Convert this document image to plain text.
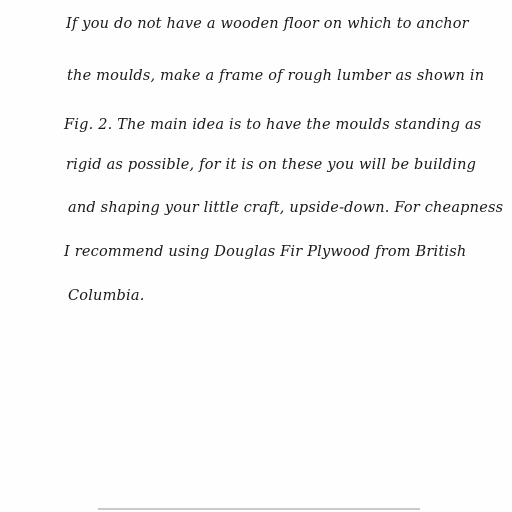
If you do not have a wooden floor on which to anchor
the moulds, make a frame of rough lumber as shown in
Fig. 2. The main idea is to have the moulds standing as
rigid as possible, for it is on these you will be building
and shaping your little craft, upside-down. For cheapness
I recommend using Douglas Fir Plywood from British
Columbia.
